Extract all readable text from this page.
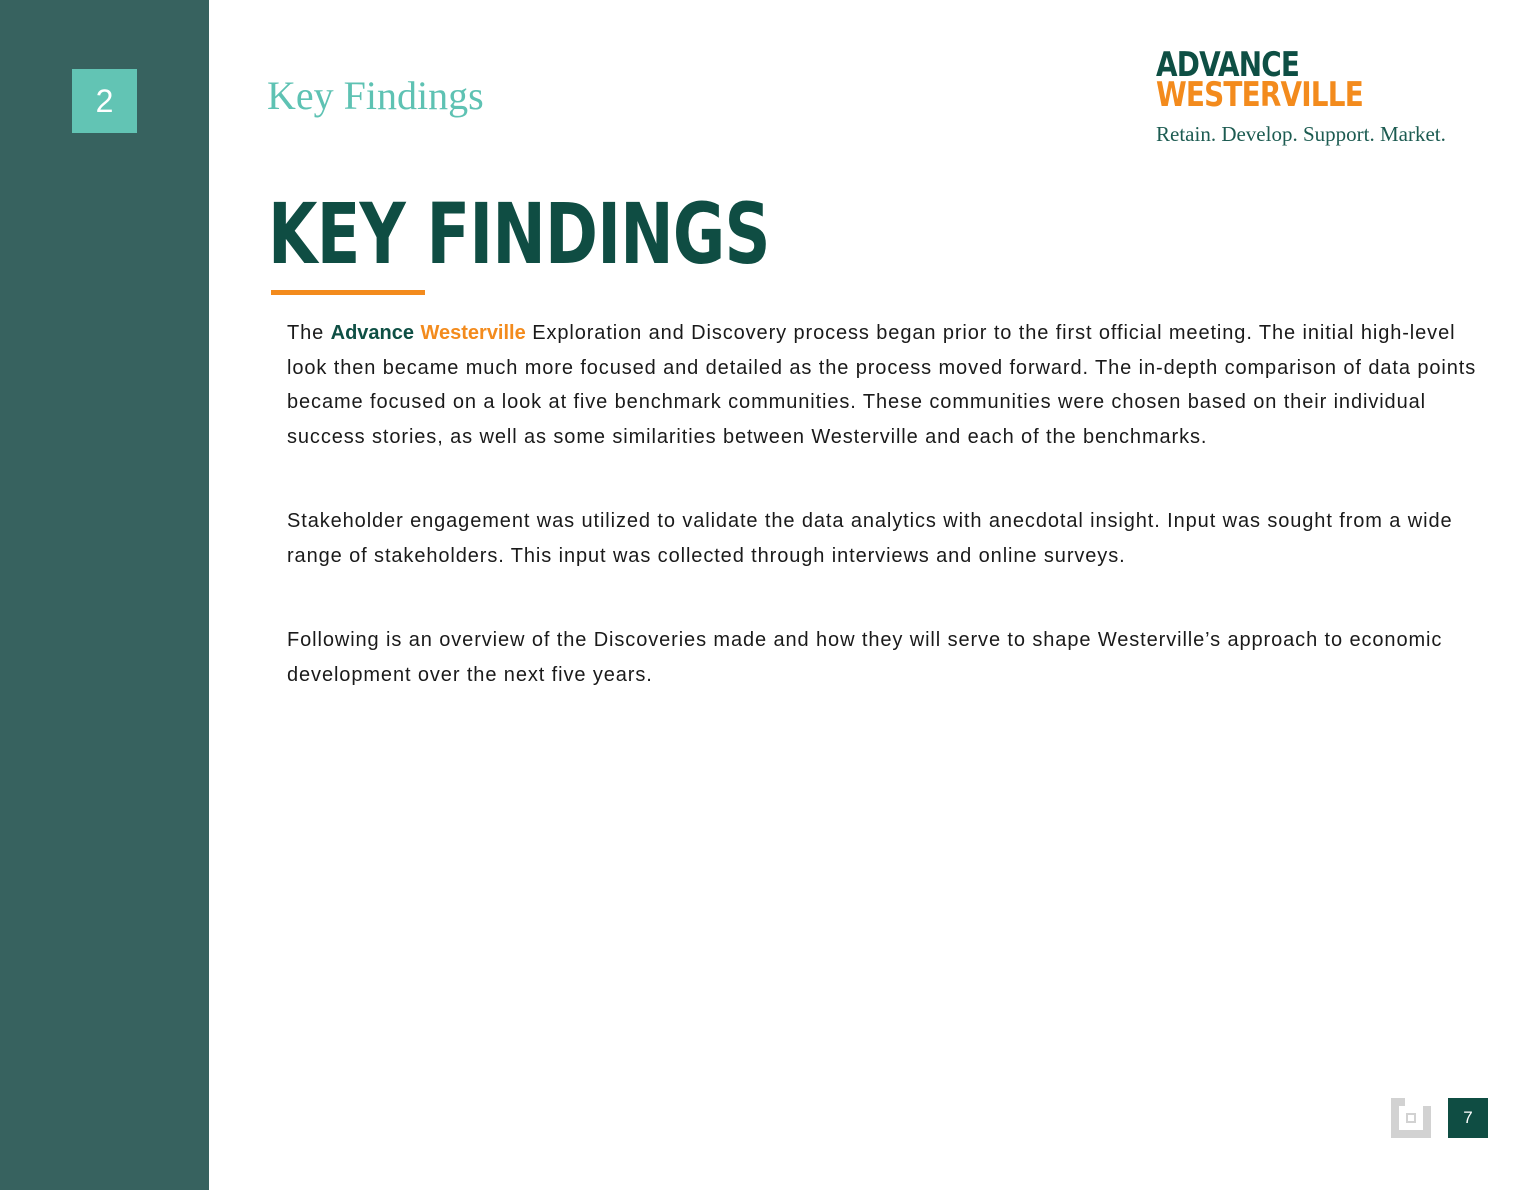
2	Key Findings
ADVANCE
WESTERVILLE
Retain. Develop. Support. Market.
KEY FINDINGS

The Advance Westerville Exploration and Discovery process began prior to the first official meeting. The initial high-level look then became much more focused and detailed as the process moved forward. The in-depth comparison of data points became focused on a look at five benchmark communities. These communities were chosen based on their individual success stories, as well as some similarities between Westerville and each of the benchmarks.

Stakeholder engagement was utilized to validate the data analytics with anecdotal insight. Input was sought from a wide range of stakeholders. This input was collected through interviews and online surveys.

Following is an overview of the Discoveries made and how they will serve to shape Westerville’s approach to economic development over the next five years.

7
